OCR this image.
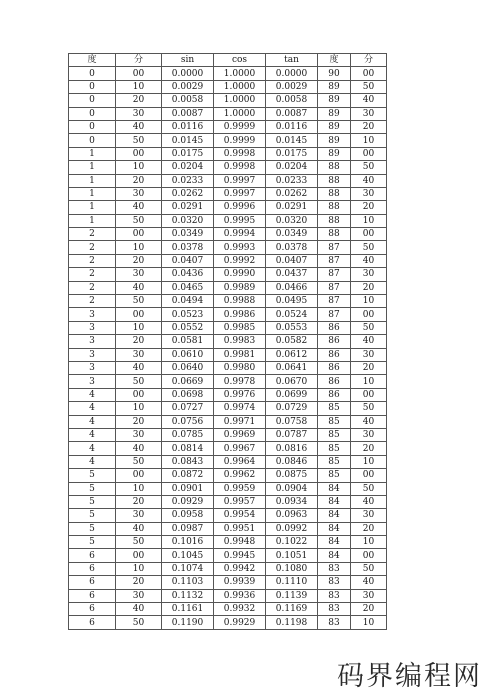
度	分	sin	cos	tan	度	分
0	00	0.0000	1.0000	0.0000	90	00
0	10	0.0029	1.0000	0.0029	89	50
0	20	0.0058	1.0000	0.0058	89	40
0	30	0.0087	1.0000	0.0087	89	30
0	40	0.0116	0.9999	0.0116	89	20
0	50	0.0145	0.9999	0.0145	89	10
1	00	0.0175	0.9998	0.0175	89	00
1	10	0.0204	0.9998	0.0204	88	50
1	20	0.0233	0.9997	0.0233	88	40
1	30	0.0262	0.9997	0.0262	88	30
1	40	0.0291	0.9996	0.0291	88	20
1	50	0.0320	0.9995	0.0320	88	10
2	00	0.0349	0.9994	0.0349	88	00
2	10	0.0378	0.9993	0.0378	87	50
2	20	0.0407	0.9992	0.0407	87	40
2	30	0.0436	0.9990	0.0437	87	30
2	40	0.0465	0.9989	0.0466	87	20
2	50	0.0494	0.9988	0.0495	87	10
3	00	0.0523	0.9986	0.0524	87	00
3	10	0.0552	0.9985	0.0553	86	50
3	20	0.0581	0.9983	0.0582	86	40
3	30	0.0610	0.9981	0.0612	86	30
3	40	0.0640	0.9980	0.0641	86	20
3	50	0.0669	0.9978	0.0670	86	10
4	00	0.0698	0.9976	0.0699	86	00
4	10	0.0727	0.9974	0.0729	85	50
4	20	0.0756	0.9971	0.0758	85	40
4	30	0.0785	0.9969	0.0787	85	30
4	40	0.0814	0.9967	0.0816	85	20
4	50	0.0843	0.9964	0.0846	85	10
5	00	0.0872	0.9962	0.0875	85	00
5	10	0.0901	0.9959	0.0904	84	50
5	20	0.0929	0.9957	0.0934	84	40
5	30	0.0958	0.9954	0.0963	84	30
5	40	0.0987	0.9951	0.0992	84	20
5	50	0.1016	0.9948	0.1022	84	10
6	00	0.1045	0.9945	0.1051	84	00
6	10	0.1074	0.9942	0.1080	83	50
6	20	0.1103	0.9939	0.1110	83	40
6	30	0.1132	0.9936	0.1139	83	30
6	40	0.1161	0.9932	0.1169	83	20
6	50	0.1190	0.9929	0.1198	83	10
码界编程网
